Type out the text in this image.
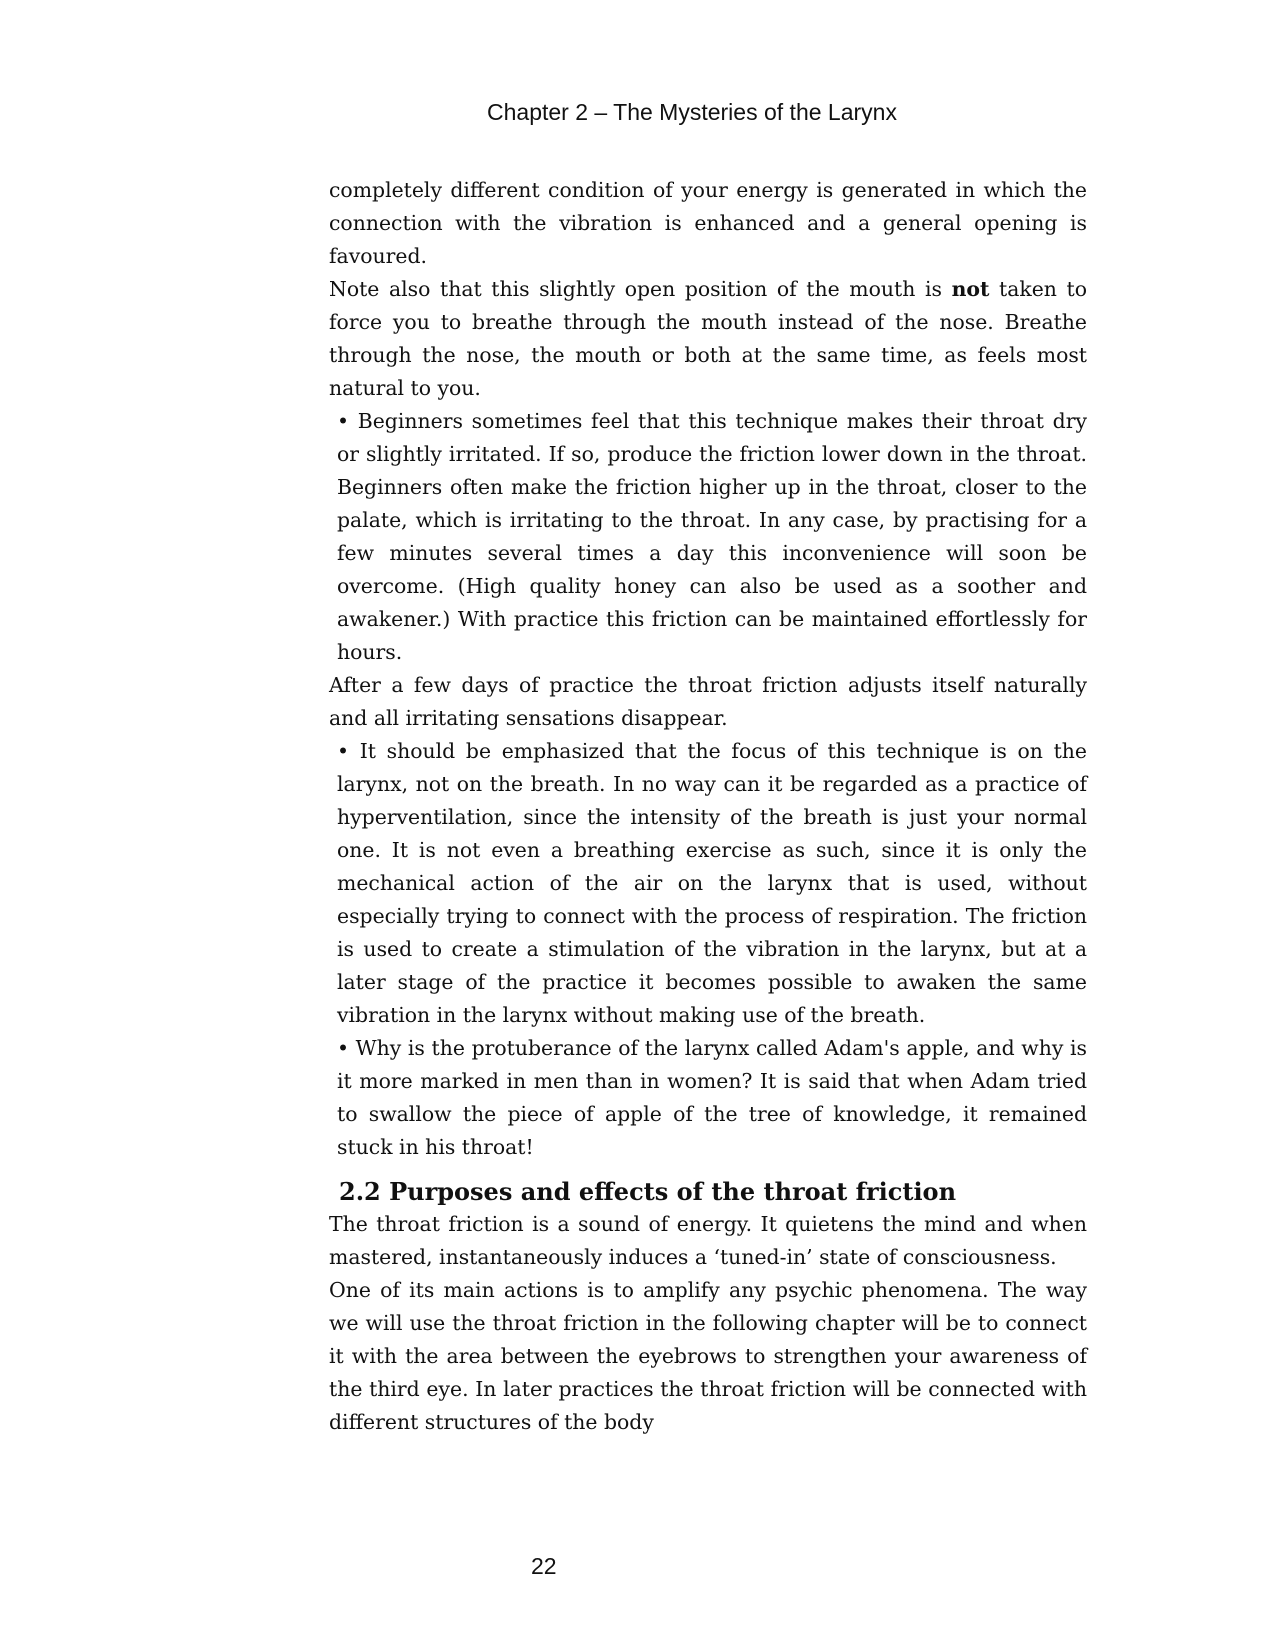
Chapter 2 – The Mysteries of the Larynx

completely different condition of your energy is generated in which the connection with the vibration is enhanced and a general opening is favoured.

Note also that this slightly open position of the mouth is not taken to force you to breathe through the mouth instead of the nose. Breathe through the nose, the mouth or both at the same time, as feels most natural to you.

• Beginners sometimes feel that this technique makes their throat dry or slightly irritated. If so, produce the friction lower down in the throat. Beginners often make the friction higher up in the throat, closer to the palate, which is irritating to the throat. In any case, by practising for a few minutes several times a day this inconvenience will soon be overcome. (High quality honey can also be used as a soother and awakener.) With practice this friction can be maintained effortlessly for hours.

After a few days of practice the throat friction adjusts itself naturally and all irritating sensations disappear.

• It should be emphasized that the focus of this technique is on the larynx, not on the breath. In no way can it be regarded as a practice of hyperventilation, since the intensity of the breath is just your normal one. It is not even a breathing exercise as such, since it is only the mechanical action of the air on the larynx that is used, without especially trying to connect with the process of respiration. The friction is used to create a stimulation of the vibration in the larynx, but at a later stage of the practice it becomes possible to awaken the same vibration in the larynx without making use of the breath.

• Why is the protuberance of the larynx called Adam's apple, and why is it more marked in men than in women? It is said that when Adam tried to swallow the piece of apple of the tree of knowledge, it remained stuck in his throat!

2.2 Purposes and effects of the throat friction

The throat friction is a sound of energy. It quietens the mind and when mastered, instantaneously induces a ‘tuned-in’ state of consciousness.

One of its main actions is to amplify any psychic phenomena. The way we will use the throat friction in the following chapter will be to connect it with the area between the eyebrows to strengthen your awareness of the third eye. In later practices the throat friction will be connected with different structures of the body

22
